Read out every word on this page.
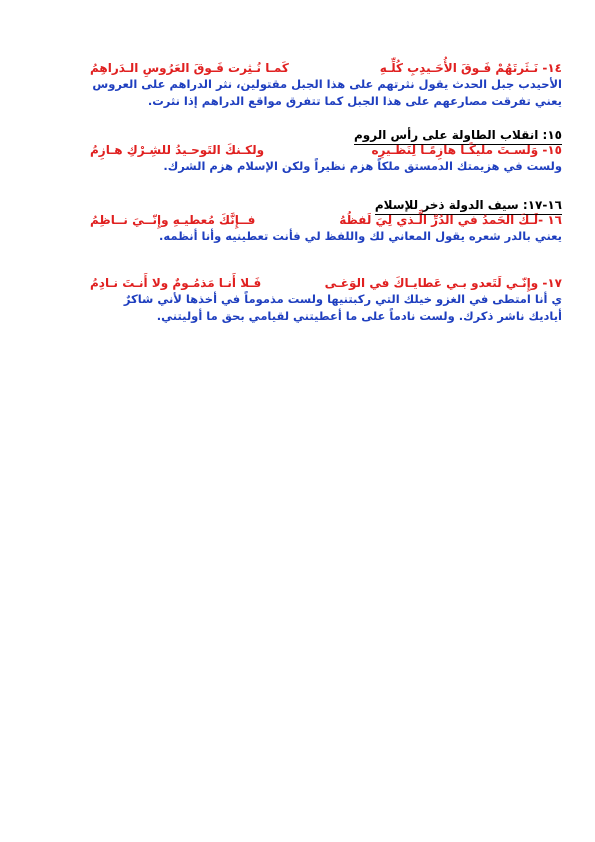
١٤- نَـثَرتَهُمْ فَـوقَ الأُحَـيدِبِ كُلِّـهِ
كَمـا نُـثِرت فَـوقَ العَرُوسِ الـدَراهِمُ
الأحيدب جبل الحدث يقول نثرتهم على هذا الجبل مقتولين، نثر الدراهم على العروس يعني تفرقت مصارعهم على هذا الجبل كما تتفرق مواقع الدراهم إذا نثرت.
١٥: انقلاب الطاولة على رأس الروم
١٥- وَلسـتَ مليكًـا هازِمًـا لِنَظـيرِه
ولكـنكَ التَوحـيدُ للشِـرْكِ هـازِمُ
ولست في هزيمتك الدمستق ملكاً هزم نظيراً ولكن الإسلام هزم الشرك.
١٦-١٧: سيف الدولة ذخر للإسلام
١٦ -لَـكَ الحَمدُ في الدُرِّ الَّـذي لِيَ لَفظُهُ
فــإِنَّكَ مُعطيـهِ وإِنّــيَ نــاظِمُ
يعني بالدر شعره يقول المعاني لك واللفظ لي فأنت تعطينيه وأنا أنظمه.
١٧- وإِنّـي لَتَعدو بـي عَطايـاكَ في الوَغـى
فَـلا أَنـا مَذمُـومٌ ولا أَنـتَ نـادِمُ
ي أنا امتطى في الغزو خيلك التي ركبتنيها ولست مذموماً في أخذها لأني شاكرٌ أياديك ناشر ذكرك. ولست نادماً على ما أعطيتني لقيامي بحق ما أوليتني.
